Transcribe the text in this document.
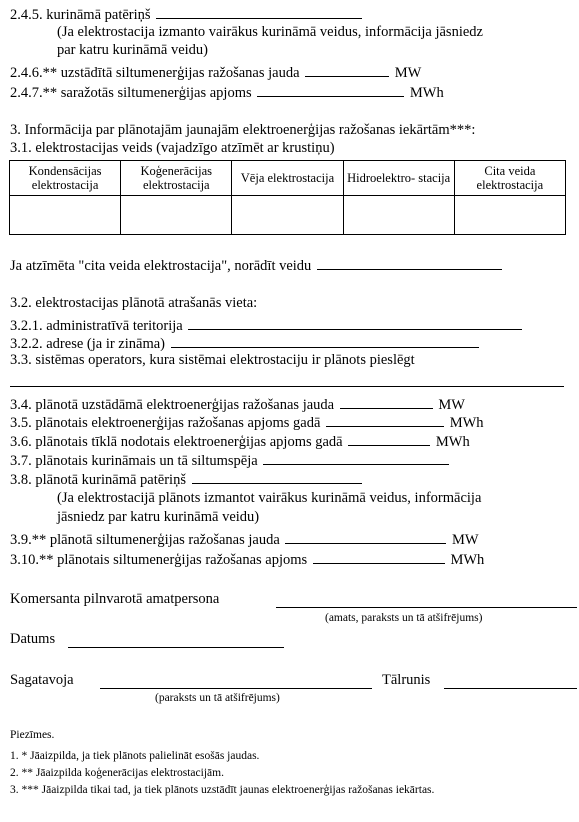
2.4.5. kurināmā patēriņš
(Ja elektrostacija izmanto vairākus kurināmā veidus, informācija jāsniedz
par katru kurināmā veidu)
2.4.6.** uzstādītā siltumenerģijas ražošanas jauda	MW
2.4.7.** saražotās siltumenerģijas apjoms	MWh
3. Informācija par plānotajām jaunajām elektroenerģijas ražošanas iekārtām***:
3.1. elektrostacijas veids (vajadzīgo atzīmēt ar krustiņu)
Kondensācijas elektrostacija	Koģenerācijas elektrostacija	Vēja elektrostacija	Hidroelektro- stacija	Cita veida elektrostacija

Ja atzīmēta "cita veida elektrostacija", norādīt veidu
3.2. elektrostacijas plānotā atrašanās vieta:
3.2.1. administratīvā teritorija
3.2.2. adrese (ja ir zināma)
3.3. sistēmas operators, kura sistēmai elektrostaciju ir plānots pieslēgt
3.4. plānotā uzstādāmā elektroenerģijas ražošanas jauda	MW
3.5. plānotais elektroenerģijas ražošanas apjoms gadā	MWh
3.6. plānotais tīklā nodotais elektroenerģijas apjoms gadā	MWh
3.7. plānotais kurināmais un tā siltumspēja
3.8. plānotā kurināmā patēriņš
(Ja elektrostacijā plānots izmantot vairākus kurināmā veidus, informācija
jāsniedz par katru kurināmā veidu)
3.9.** plānotā siltumenerģijas ražošanas jauda	MW
3.10.** plānotais siltumenerģijas ražošanas apjoms	MWh
Komersanta pilnvarotā amatpersona
(amats, paraksts un tā atšifrējums)
Datums
Sagatavoja
(paraksts un tā atšifrējums)
Tālrunis
Piezīmes.
1. * Jāaizpilda, ja tiek plānots palielināt esošās jaudas.
2. ** Jāaizpilda koģenerācijas elektrostacijām.
3. *** Jāaizpilda tikai tad, ja tiek plānots uzstādīt jaunas elektroenerģijas ražošanas iekārtas.
